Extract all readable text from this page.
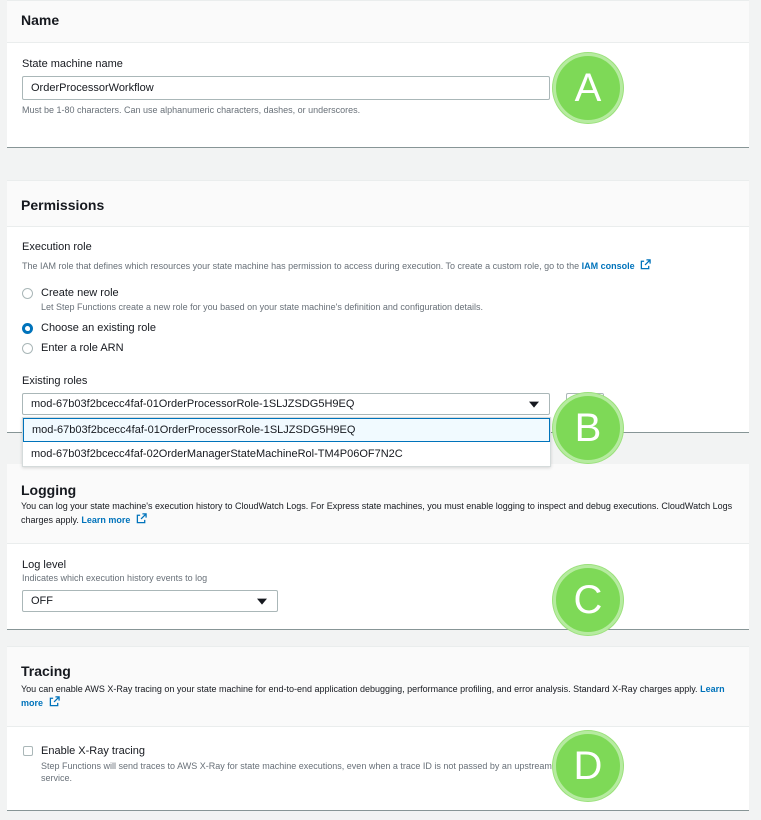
Name
State machine name
OrderProcessorWorkflow
Must be 1-80 characters. Can use alphanumeric characters, dashes, or underscores.
Permissions
Execution role
The IAM role that defines which resources your state machine has permission to access during execution. To create a custom role, go to the IAM console
Create new role
Let Step Functions create a new role for you based on your state machine's definition and configuration details.
Choose an existing role
Enter a role ARN
Existing roles
mod-67b03f2bcecc4faf-01OrderProcessorRole-1SLJZSDG5H9EQ
mod-67b03f2bcecc4faf-01OrderProcessorRole-1SLJZSDG5H9EQ
mod-67b03f2bcecc4faf-02OrderManagerStateMachineRol-TM4P06OF7N2C
Logging
You can log your state machine's execution history to CloudWatch Logs. For Express state machines, you must enable logging to inspect and debug executions. CloudWatch Logs charges apply. Learn more
Log level
Indicates which execution history events to log
OFF
Tracing
You can enable AWS X-Ray tracing on your state machine for end-to-end application debugging, performance profiling, and error analysis. Standard X-Ray charges apply. Learn more
Enable X-Ray tracing
Step Functions will send traces to AWS X-Ray for state machine executions, even when a trace ID is not passed by an upstream service.
A
B
C
D
